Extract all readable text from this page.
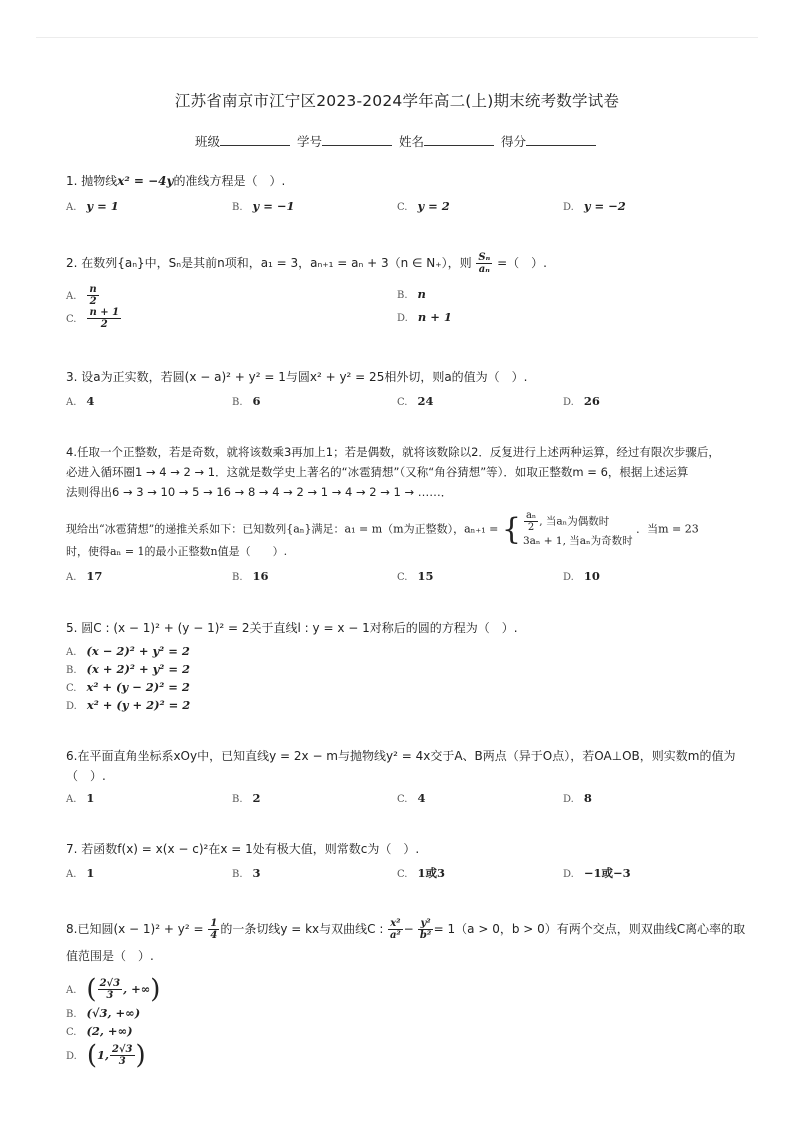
江苏省南京市江宁区2023-2024学年高二(上)期末统考数学试卷
班级	学号	姓名	得分
1. 抛物线x² = −4y的准线方程是（　）.
A. y = 1	B. y = −1	C. y = 2	D. y = −2
2. 在数列{aₙ}中，Sₙ是其前n项和，a₁ = 3，aₙ₊₁ = aₙ + 3（n ∈ N₊），则 $\frac{\text{Sₙ}}{\text{aₙ}}$ =（　）.
A. $\frac{n}{2}$	B. n
C. $\frac{n + 1}{2}$	D. n + 1
3. 设a为正实数，若圆(x − a)² + y² = 1与圆x² + y² = 25相外切，则a的值为（　）.
A. 4	B. 6	C. 24	D. 26
4.任取一个正整数，若是奇数，就将该数乘3再加上1；若是偶数，就将该数除以2．反复进行上述两种运算，经过有限次步骤后，
必进入循环圈1 → 4 → 2 → 1．这就是数学史上著名的“冰雹猜想”（又称“角谷猜想”等）．如取正整数m = 6，根据上述运算
法则得出6 → 3 → 10 → 5 → 16 → 8 → 4 → 2 → 1 → 4 → 2 → 1 → ……．
现给出“冰雹猜想”的递推关系如下：已知数列{aₙ}满足：a₁ = m（m为正整数），aₙ₊₁ = { $\frac{\text{aₙ}}{2}$ , 当aₙ为偶数时
3aₙ + 1, 当aₙ为奇数时
．当m = 23
时，使得aₙ = 1的最小正整数n值是（　　）.
A. 17	B. 16	C. 15	D. 10
5. 圆C : (x − 1)² + (y − 1)² = 2关于直线l : y = x − 1对称后的圆的方程为（　）.
A. (x − 2)² + y² = 2
B. (x + 2)² + y² = 2
C. x² + (y − 2)² = 2
D. x² + (y + 2)² = 2
6.在平面直角坐标系xOy中，已知直线y = 2x − m与抛物线y² = 4x交于A、B两点（异于O点），若OA⊥OB，则实数m的值为
（　）.
A. 1	B. 2	C. 4	D. 8
7. 若函数f(x) = x(x − c)²在x = 1处有极大值，则常数c为（　）.
A. 1	B. 3	C. 1或3	D. −1或−3
8.已知圆$(x - 1)^2 + y^2 = \frac{1}{4}$ 的一条切线y = kx与双曲线C : $\frac{\text{x²}}{\text{a²}} - \frac{\text{y²}}{\text{b²}} = 1(a > 0$，b > 0）有两个交点，则双曲线C离心率的取
值范围是（　）.
A. ( $\frac{2√3}{3}$ , +∞)
B. (√3, +∞)
C. (2, +∞)
D. (1, $\frac{2√3}{3}$ )
